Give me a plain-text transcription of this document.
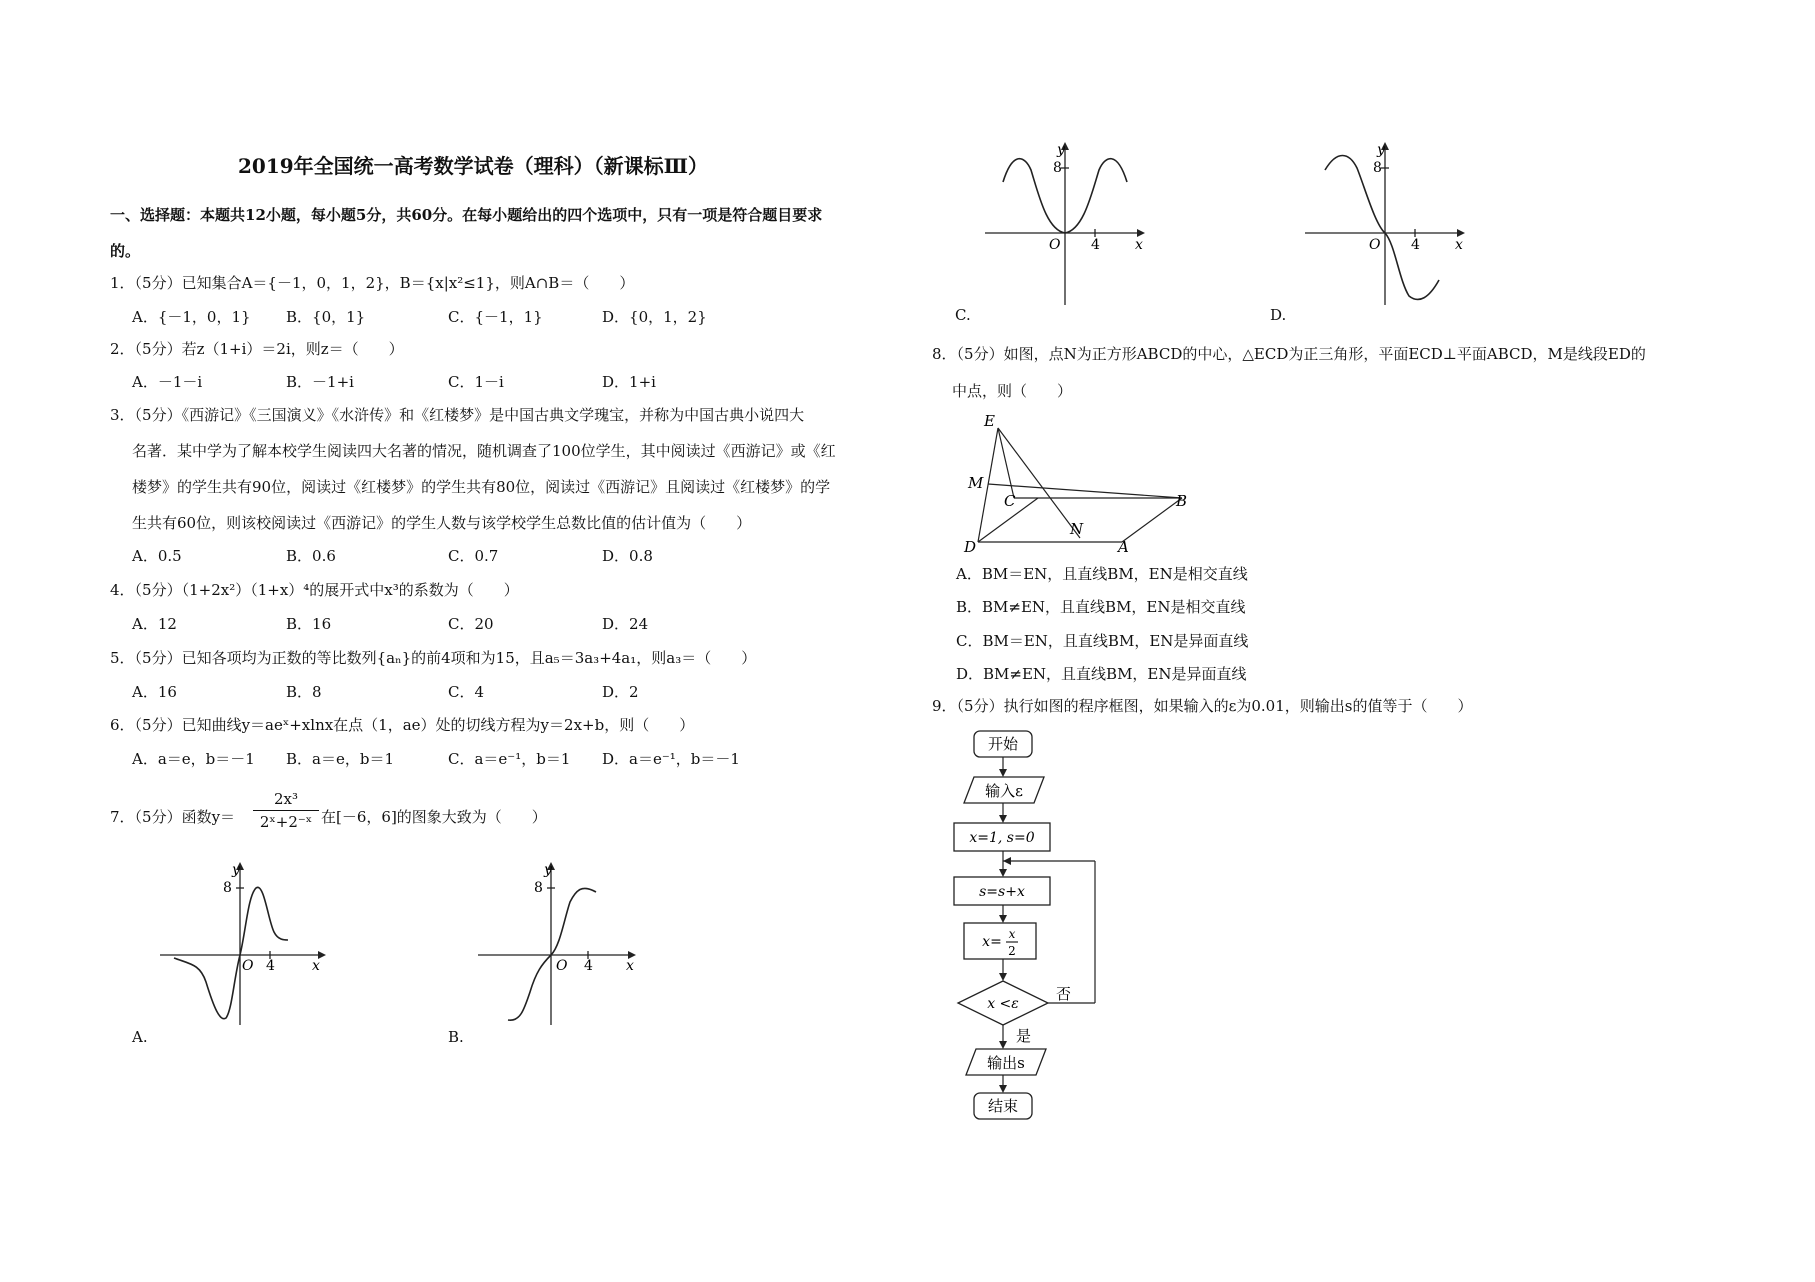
2019年全国统一高考数学试卷（理科）（新课标Ⅲ）
一、选择题：本题共12小题，每小题5分，共60分。在每小题给出的四个选项中，只有一项是符合题目要求
的。
1．（5分）已知集合A＝{－1，0，1，2}，B＝{x|x²≤1}，则A∩B＝（　　）
A．{－1，0，1} B．{0，1}	C．{－1，1}	D．{0，1，2}
2．（5分）若z（1+i）＝2i，则z＝（　　）
A．－1－i	B．－1+i	C．1－i	D．1+i
3．（5分）《西游记》《三国演义》《水浒传》和《红楼梦》是中国古典文学瑰宝，并称为中国古典小说四大
名著．某中学为了解本校学生阅读四大名著的情况，随机调查了100位学生，其中阅读过《西游记》或《红
楼梦》的学生共有90位，阅读过《红楼梦》的学生共有80位，阅读过《西游记》且阅读过《红楼梦》的学
生共有60位，则该校阅读过《西游记》的学生人数与该学校学生总数比值的估计值为（　　）
A．0.5	B．0.6	C．0.7	D．0.8
4．（5分）（1+2x²）（1+x）⁴的展开式中x³的系数为（　　）
A．12	B．16	C．20	D．24
5．（5分）已知各项均为正数的等比数列{aₙ}的前4项和为15，且a₅＝3a₃+4a₁，则a₃＝（　　）
A．16	B．8	C．4	D．2
6．（5分）已知曲线y＝aeˣ+xlnx在点（1，ae）处的切线方程为y＝2x+b，则（　　）
A．a＝e，b＝－1 B．a＝e，b＝1	C．a＝e⁻¹，b＝1 D．a＝e⁻¹，b＝－1
7．（5分）函数$y= \frac{\text{2x³}}{\text{2ˣ+2⁻ˣ}}$ 在[－6，6]的图象大致为（　　）
y
8
O 4	x
A.
y
8
O 4 x
B.
y
8
O 4	x
C.
y
8
O 4	x
D.
8．（5分）如图，点N为正方形ABCD的中心，△ECD为正三角形，平面ECD⊥平面ABCD，M是线段ED的
中点，则（　　）
E
M
C	B
N
D	A
A．BM＝EN，且直线BM，EN是相交直线
B．BM≠EN，且直线BM，EN是相交直线
C．BM＝EN，且直线BM，EN是异面直线
D．BM≠EN，且直线BM，EN是异面直线
9．（5分）执行如图的程序框图，如果输入的ε为0.01，则输出s的值等于（　　）
开始
输入ε
x=1, s=0
s=s+x
x= x
2
x <ε
否
是
输出s
结束
